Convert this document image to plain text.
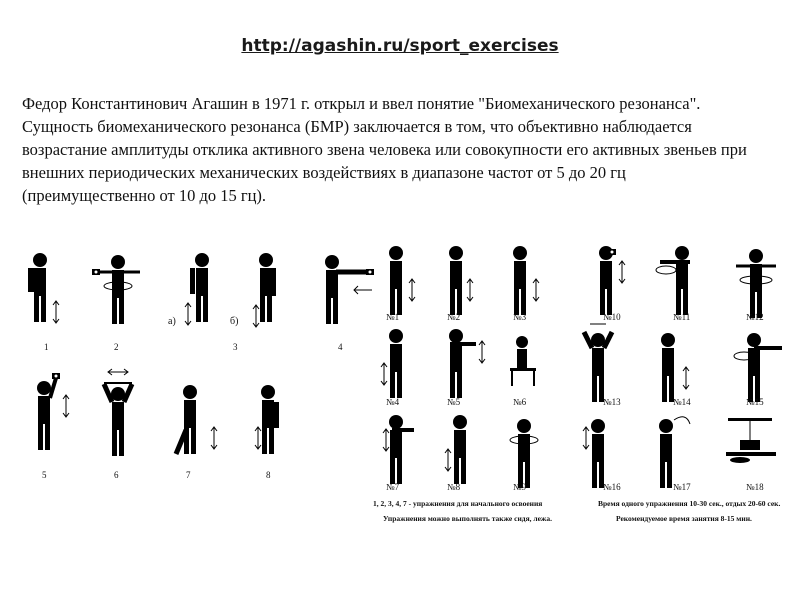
http://agashin.ru/sport_exercises

Федор Константинович Агашин в 1971 г. открыл и ввел понятие "Биомеханического резонанса".

Сущность биомеханического резонанса (БМР) заключается в том, что объективно наблюдается возрастание амплитуды отклика активного звена человека или совокупности его активных звеньев при внешних периодических механических воздействиях в диапазоне частот от 5 до 20 гц (преимущественно от 10 до 15 гц).

1	2
а)	б)
3	4
5	6	7	8
№1	№2	№3	№10	№11	№12
№4	№5	№6	№13	№14	№15
№7	№8	№9	№16	№17	№18
1, 2, 3, 4, 7 - упражнения для начального освоения
Упражнения можно выполнять также сидя, лежа.
Время одного упражнения 10-30 сек., отдых 20-60 сек.
Рекомендуемое время занятия 8-15 мин.
